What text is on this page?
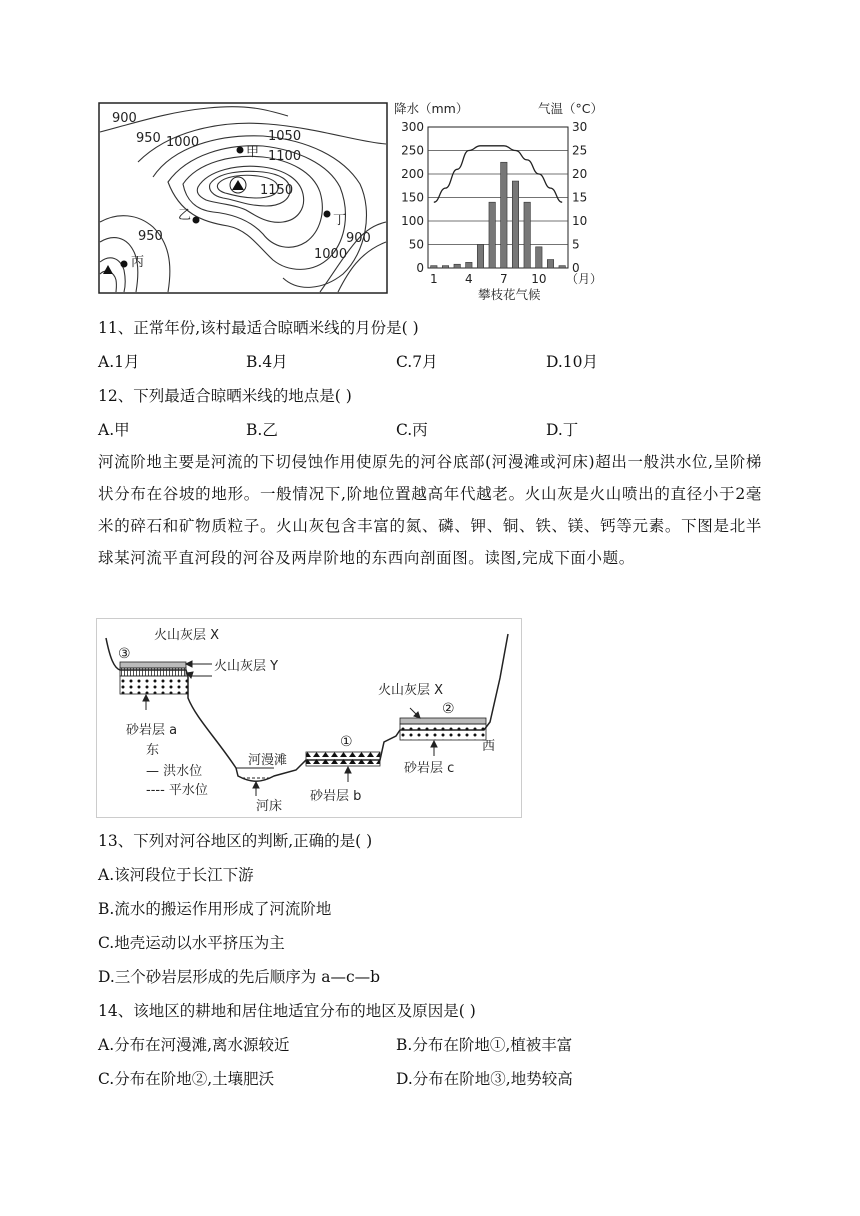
900
950 1000	1050
1100
1150
950	900
1000
甲
乙
丙
丁
降水（mm）	气温（°C）
300
250
200
150
100
50
0
30
25
20
15
10
5
0
1 4 7 10 （月）
攀枝花气候
11、正常年份,该村最适合晾晒米线的月份是( )
A.1月	B.4月	C.7月	D.10月
12、下列最适合晾晒米线的地点是( )
A.甲	B.乙	C.丙	D.丁
河流阶地主要是河流的下切侵蚀作用使原先的河谷底部(河漫滩或河床)超出一般洪水位,呈阶梯状分布在谷坡的地形。一般情况下,阶地位置越高年代越老。火山灰是火山喷出的直径小于2毫米的碎石和矿物质粒子。火山灰包含丰富的氮、磷、钾、铜、铁、镁、钙等元素。下图是北半球某河流平直河段的河谷及两岸阶地的东西向剖面图。读图,完成下面小题。
③
火山灰层 X
火山灰层 Y
砂岩层 a
东
— 洪水位
---- 平水位
河漫滩
河床
砂岩层 b
①
火山灰层 X
②
砂岩层 c
西
13、下列对河谷地区的判断,正确的是( )
A.该河段位于长江下游
B.流水的搬运作用形成了河流阶地
C.地壳运动以水平挤压为主
D.三个砂岩层形成的先后顺序为 a—c—b
14、该地区的耕地和居住地适宜分布的地区及原因是( )
A.分布在河漫滩,离水源较近	B.分布在阶地①,植被丰富
C.分布在阶地②,土壤肥沃	D.分布在阶地③,地势较高
